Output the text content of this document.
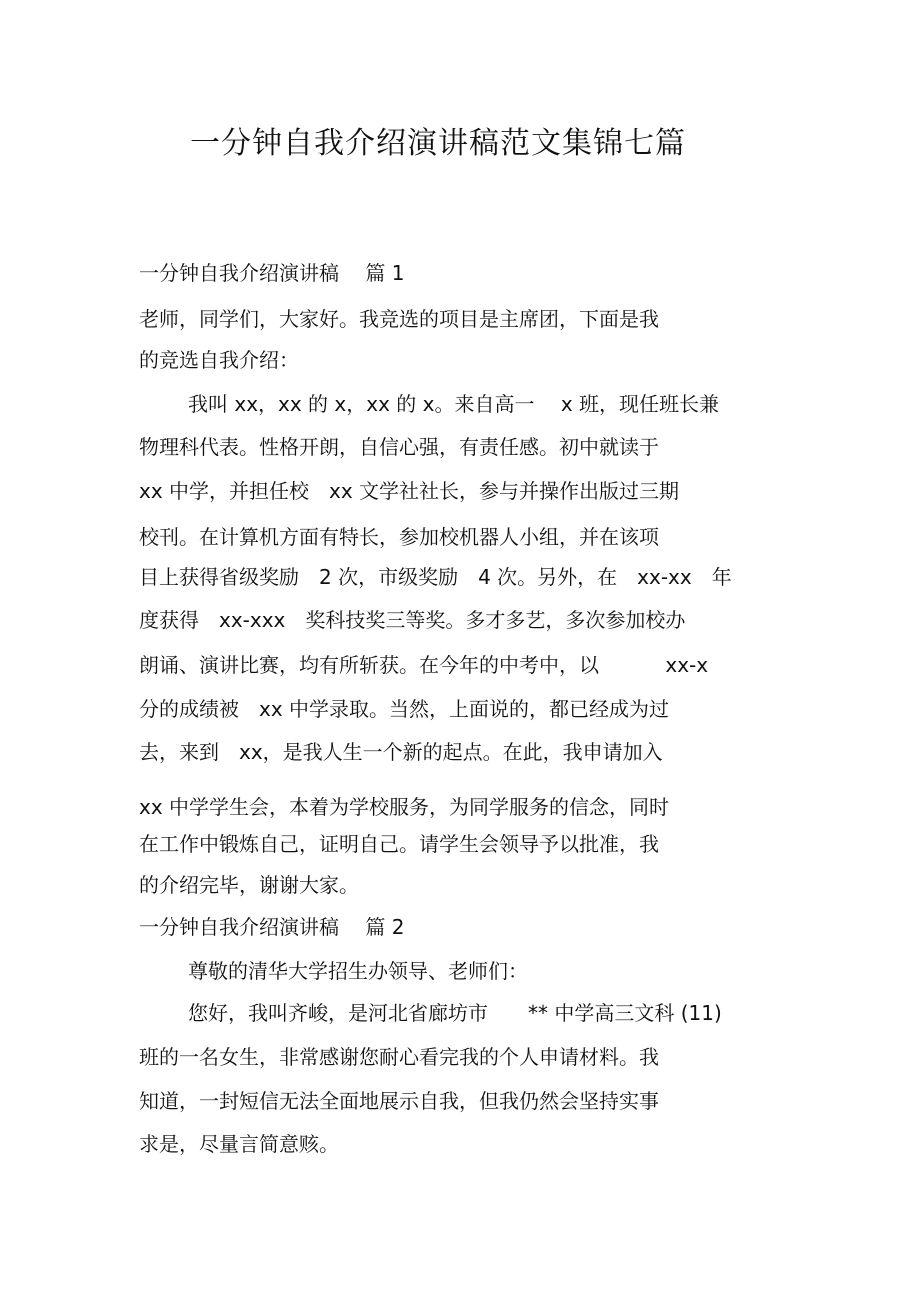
一分钟自我介绍演讲稿范文集锦七篇
一分钟自我介绍演讲稿　 篇 1
老师，同学们，大家好。我竞选的项目是主席团，下面是我
的竞选自我介绍：
我叫 xx，xx 的 x，xx 的 x。来自高一　 x 班，现任班长兼
物理科代表。性格开朗，自信心强，有责任感。初中就读于
xx 中学，并担任校　xx 文学社社长，参与并操作出版过三期
校刊。在计算机方面有特长，参加校机器人小组，并在该项
目上获得省级奖励　2 次，市级奖励　4 次。另外，在　xx-xx　年
度获得　xx-xxx　奖科技奖三等奖。多才多艺，多次参加校办
朗诵、演讲比赛，均有所斩获。在今年的中考中，以　　　 xx-x
分的成绩被　xx 中学录取。当然，上面说的，都已经成为过
去，来到　xx，是我人生一个新的起点。在此，我申请加入
xx 中学学生会，本着为学校服务，为同学服务的信念，同时
在工作中锻炼自己，证明自己。请学生会领导予以批准，我
的介绍完毕，谢谢大家。
一分钟自我介绍演讲稿　 篇 2
尊敬的清华大学招生办领导、老师们：
您好，我叫齐峻，是河北省廊坊市　　** 中学高三文科 (11)
班的一名女生，非常感谢您耐心看完我的个人申请材料。我
知道，一封短信无法全面地展示自我，但我仍然会坚持实事
求是，尽量言简意赅。
